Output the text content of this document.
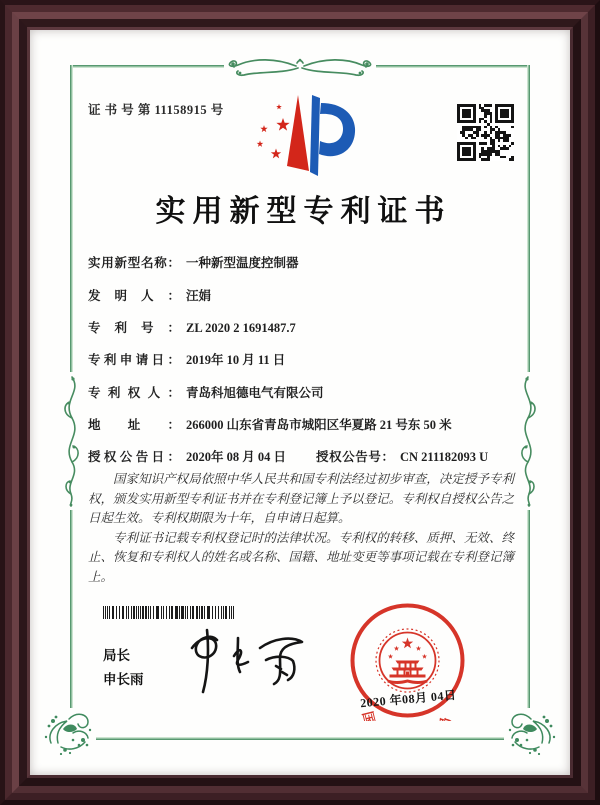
证 书 号 第 11158915 号
实用新型专利证书
实用新型名称： 一种新型温度控制器
发明人： 汪娟
专利号： ZL 2020 2 1691487.7
专利申请日： 2019年 10 月 11 日
专利权人： 青岛科旭德电气有限公司
地址： 266000 山东省青岛市城阳区华夏路 21 号东 50 米
授权公告日： 2020年 08 月 04 日 授权公告号： CN 211182093 U

国家知识产权局依照中华人民共和国专利法经过初步审查，决定授予专利权，颁发实用新型专利证书并在专利登记簿上予以登记。专利权自授权公告之日起生效。专利权期限为十年，自申请日起算。

专利证书记载专利权登记时的法律状况。专利权的转移、质押、无效、终止、恢复和专利权人的姓名或名称、国籍、地址变更等事项记载在专利登记簿上。

局长
申长雨
2020 年08月 04日
